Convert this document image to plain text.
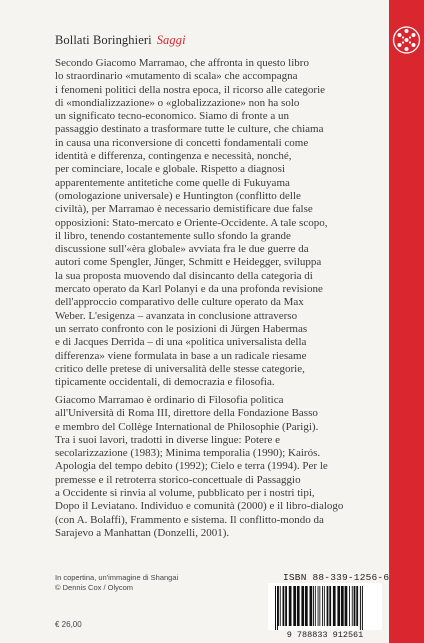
Bollati Boringhieri Saggi
Secondo Giacomo Marramao, che affronta in questo libro
lo straordinario «mutamento di scala» che accompagna
i fenomeni politici della nostra epoca, il ricorso alle categorie
di «mondializzazione» o «globalizzazione» non ha solo
un significato tecno-economico. Siamo di fronte a un
passaggio destinato a trasformare tutte le culture, che chiama
in causa una riconversione di concetti fondamentali come
identità e differenza, contingenza e necessità, nonché,
per cominciare, locale e globale. Rispetto a diagnosi
apparentemente antitetiche come quelle di Fukuyama
(omologazione universale) e Huntington (conflitto delle
civiltà), per Marramao è necessario demistificare due false
opposizioni: Stato-mercato e Oriente-Occidente. A tale scopo,
il libro, tenendo costantemente sullo sfondo la grande
discussione sull'«èra globale» avviata fra le due guerre da
autori come Spengler, Jünger, Schmitt e Heidegger, sviluppa
la sua proposta muovendo dal disincanto della categoria di
mercato operato da Karl Polanyi e da una profonda revisione
dell'approccio comparativo delle culture operato da Max
Weber. L'esigenza – avanzata in conclusione attraverso
un serrato confronto con le posizioni di Jürgen Habermas
e di Jacques Derrida – di una «politica universalista della
differenza» viene formulata in base a un radicale riesame
critico delle pretese di universalità delle stesse categorie,
tipicamente occidentali, di democrazia e filosofia.
Giacomo Marramao è ordinario di Filosofia politica
all'Università di Roma III, direttore della Fondazione Basso
e membro del Collège International de Philosophie (Parigi).
Tra i suoi lavori, tradotti in diverse lingue: Potere e
secolarizzazione (1983); Minima temporalia (1990); Kairós.
Apologia del tempo debito (1992); Cielo e terra (1994). Per le
premesse e il retroterra storico-concettuale di Passaggio
a Occidente si rinvia al volume, pubblicato per i nostri tipi,
Dopo il Leviatano. Individuo e comunità (2000) e il libro-dialogo
(con A. Bolaffi), Frammento e sistema. Il conflitto-mondo da
Sarajevo a Manhattan (Donzelli, 2001).
In copertina, un'immagine di Shangai
© Dennis Cox / Olycom
€ 26,00
ISBN 88-339-1256-6
9 788833 912561
